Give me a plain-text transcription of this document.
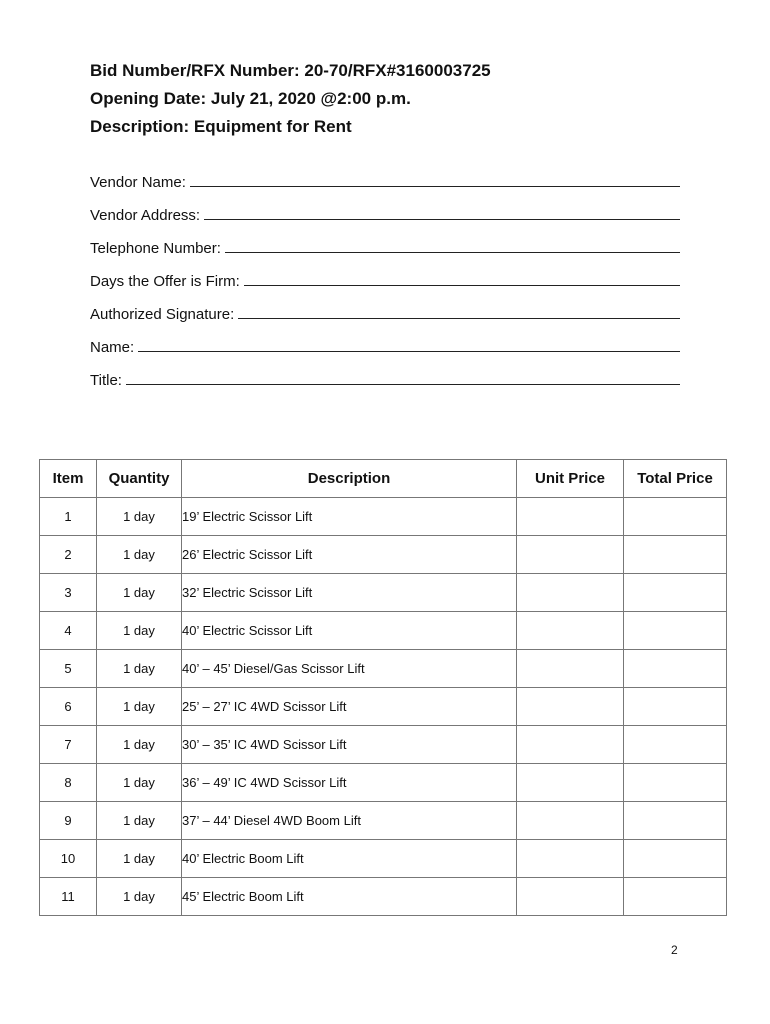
Bid Number/RFX Number: 20-70/RFX#3160003725
Opening Date: July 21, 2020 @2:00 p.m.
Description: Equipment for Rent
Vendor Name:
Vendor Address:
Telephone Number:
Days the Offer is Firm:
Authorized Signature:
Name:
Title:
Item	Quantity	Description	Unit Price	Total Price
1	1 day	19’ Electric Scissor Lift		
2	1 day	26’ Electric Scissor Lift		
3	1 day	32’ Electric Scissor Lift		
4	1 day	40’ Electric Scissor Lift		
5	1 day	40’ – 45’ Diesel/Gas Scissor Lift		
6	1 day	25’ – 27’ IC 4WD Scissor Lift		
7	1 day	30’ – 35’ IC 4WD Scissor Lift		
8	1 day	36’ – 49’ IC 4WD Scissor Lift		
9	1 day	37’ – 44’ Diesel 4WD Boom Lift		
10	1 day	40’ Electric Boom Lift		
11	1 day	45’ Electric Boom Lift		
2
